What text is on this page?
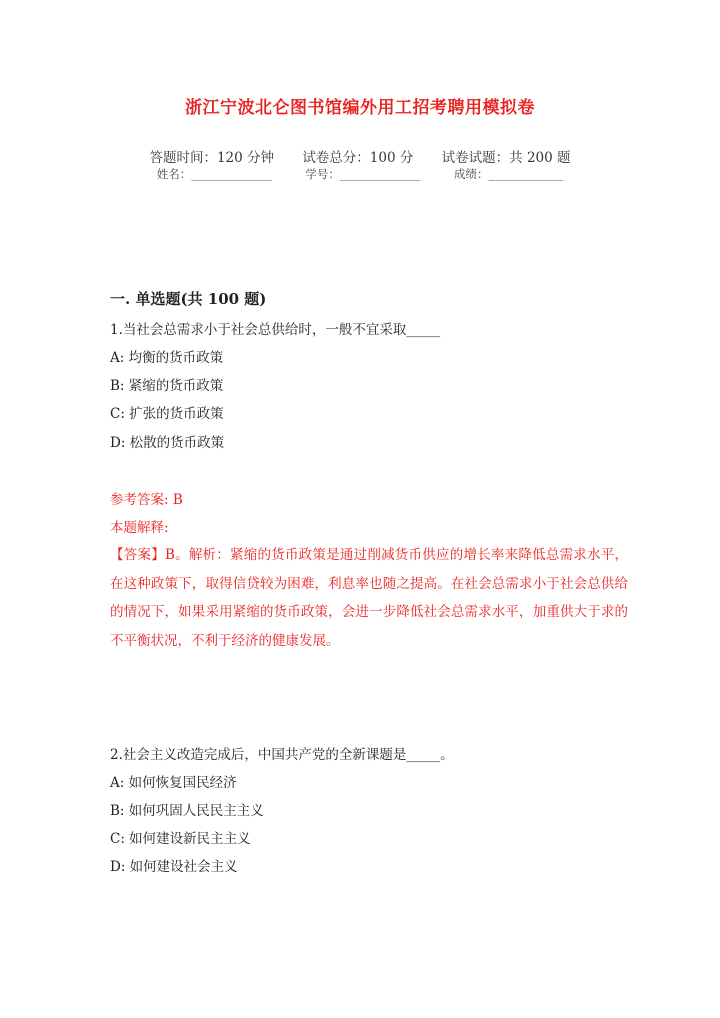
浙江宁波北仑图书馆编外用工招考聘用模拟卷
答题时间：120 分钟 试卷总分：100 分 试卷试题：共 200 题
姓名：______________	学号：______________	成绩：_____________
一. 单选题(共 100 题)
1.当社会总需求小于社会总供给时，一般不宜采取_____
A: 均衡的货币政策
B: 紧缩的货币政策
C: 扩张的货币政策
D: 松散的货币政策
参考答案: B
本题解释:
【答案】B。解析：紧缩的货币政策是通过削减货币供应的增长率来降低总需求水平，在这种政策下，取得信贷较为困难，利息率也随之提高。在社会总需求小于社会总供给的情况下，如果采用紧缩的货币政策，会进一步降低社会总需求水平，加重供大于求的不平衡状况，不利于经济的健康发展。
2.社会主义改造完成后，中国共产党的全新课题是_____。
A: 如何恢复国民经济
B: 如何巩固人民民主主义
C: 如何建设新民主主义
D: 如何建设社会主义
